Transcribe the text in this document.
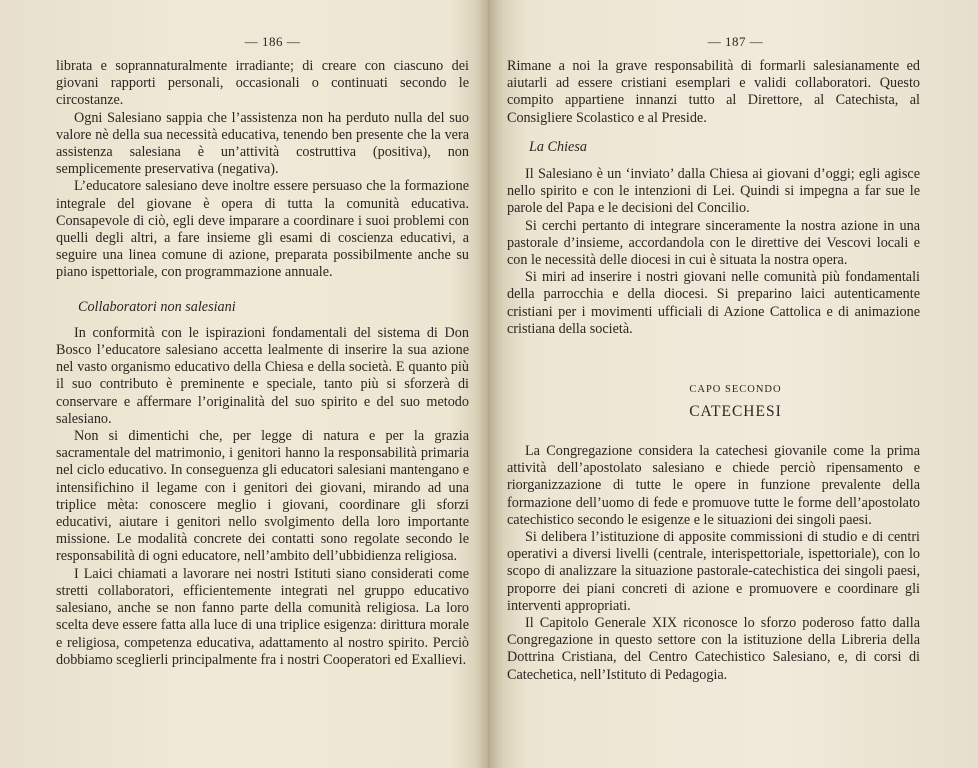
— 186 —

librata e soprannaturalmente irradiante; di creare con ciascuno dei giovani rapporti personali, occasionali o continuati secondo le circostanze.

Ogni Salesiano sappia che l’assistenza non ha perduto nulla del suo valore nè della sua necessità educativa, tenendo ben presente che la vera assistenza salesiana è un’attività costruttiva (positiva), non semplicemente preservativa (negativa).

L’educatore salesiano deve inoltre essere persuaso che la formazione integrale del giovane è opera di tutta la comunità educativa. Consapevole di ciò, egli deve imparare a coordinare i suoi problemi con quelli degli altri, a fare insieme gli esami di coscienza educativi, a seguire una linea comune di azione, preparata possibilmente anche su piano ispettoriale, con programmazione annuale.

Collaboratori non salesiani

In conformità con le ispirazioni fondamentali del sistema di Don Bosco l’educatore salesiano accetta lealmente di inserire la sua azione nel vasto organismo educativo della Chiesa e della società. E quanto più il suo contributo è preminente e speciale, tanto più si sforzerà di conservare e affermare l’originalità del suo spirito e del suo metodo salesiano.

Non si dimentichi che, per legge di natura e per la grazia sacramentale del matrimonio, i genitori hanno la responsabilità primaria nel ciclo educativo. In conseguenza gli educatori salesiani mantengano e intensifichino il legame con i genitori dei giovani, mirando ad una triplice mèta: conoscere meglio i giovani, coordinare gli sforzi educativi, aiutare i genitori nello svolgimento della loro importante missione. Le modalità concrete dei contatti sono regolate secondo le responsabilità di ogni educatore, nell’ambito dell’ubbidienza religiosa.

I Laici chiamati a lavorare nei nostri Istituti siano considerati come stretti collaboratori, efficientemente integrati nel gruppo educativo salesiano, anche se non fanno parte della comunità religiosa. La loro scelta deve essere fatta alla luce di una triplice esigenza: dirittura morale e religiosa, competenza educativa, adattamento al nostro spirito. Perciò dobbiamo sceglierli principalmente fra i nostri Cooperatori ed Exallievi.

— 187 —

Rimane a noi la grave responsabilità di formarli salesianamente ed aiutarli ad essere cristiani esemplari e validi collaboratori. Questo compito appartiene innanzi tutto al Direttore, al Catechista, al Consigliere Scolastico e al Preside.

La Chiesa

Il Salesiano è un ‘inviato’ dalla Chiesa ai giovani d’oggi; egli agisce nello spirito e con le intenzioni di Lei. Quindi si impegna a far sue le parole del Papa e le decisioni del Concilio.

Si cerchi pertanto di integrare sinceramente la nostra azione in una pastorale d’insieme, accordandola con le direttive dei Vescovi locali e con le necessità delle diocesi in cui è situata la nostra opera.

Si miri ad inserire i nostri giovani nelle comunità più fondamentali della parrocchia e della diocesi. Si preparino laici autenticamente cristiani per i movimenti ufficiali di Azione Cattolica e di animazione cristiana della società.

CAPO SECONDO
CATECHESI

La Congregazione considera la catechesi giovanile come la prima attività dell’apostolato salesiano e chiede perciò ripensamento e riorganizzazione di tutte le opere in funzione prevalente della formazione dell’uomo di fede e promuove tutte le forme dell’apostolato catechistico secondo le esigenze e le situazioni dei singoli paesi.

Si delibera l’istituzione di apposite commissioni di studio e di centri operativi a diversi livelli (centrale, interispettoriale, ispettoriale), con lo scopo di analizzare la situazione pastorale-catechistica dei singoli paesi, proporre dei piani concreti di azione e promuovere e coordinare gli interventi appropriati.

Il Capitolo Generale XIX riconosce lo sforzo poderoso fatto dalla Congregazione in questo settore con la istituzione della Libreria della Dottrina Cristiana, del Centro Catechistico Salesiano, e, di corsi di Catechetica, nell’Istituto di Pedagogia.
